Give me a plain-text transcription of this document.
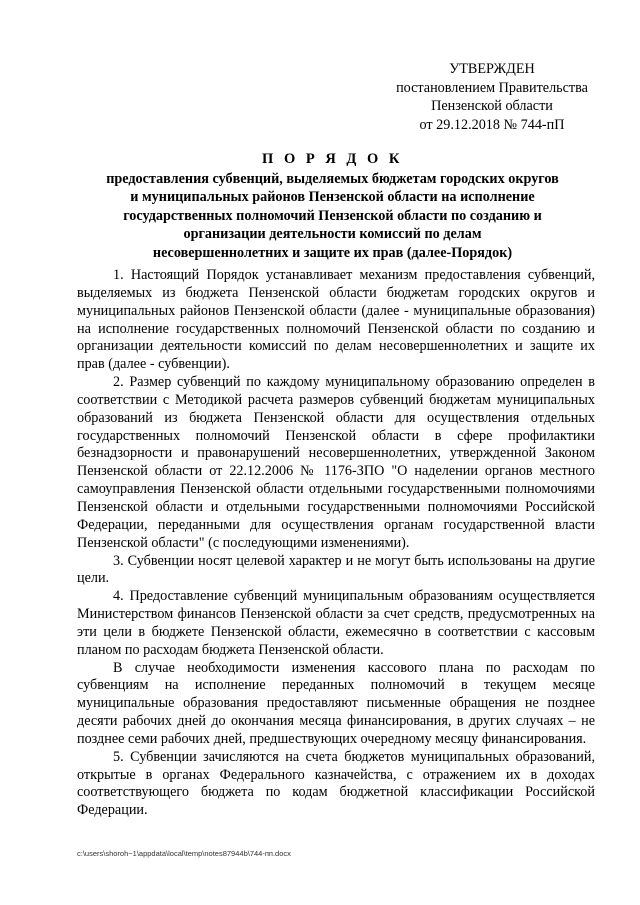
УТВЕРЖДЕН
постановлением Правительства
Пензенской области
от 29.12.2018 № 744-пП
П О Р Я Д О К
предоставления субвенций, выделяемых бюджетам городских округов
и муниципальных районов Пензенской области на исполнение
государственных полномочий Пензенской области по созданию и
организации деятельности комиссий по делам
несовершеннолетних и защите их прав (далее-Порядок)

1. Настоящий Порядок устанавливает механизм предоставления субвенций, выделяемых из бюджета Пензенской области бюджетам городских округов и муниципальных районов Пензенской области (далее - муниципальные образования) на исполнение государственных полномочий Пензенской области по созданию и организации деятельности комиссий по делам несовершеннолетних и защите их прав (далее - субвенции).

2. Размер субвенций по каждому муниципальному образованию определен в соответствии с Методикой расчета размеров субвенций бюджетам муниципальных образований из бюджета Пензенской области для осуществления отдельных государственных полномочий Пензенской области в сфере профилактики безнадзорности и правонарушений несовершеннолетних, утвержденной Законом Пензенской области от 22.12.2006 № 1176-ЗПО "О наделении органов местного самоуправления Пензенской области отдельными государственными полномочиями Пензенской области и отдельными государственными полномочиями Российской Федерации, переданными для осуществления органам государственной власти Пензенской области" (с последующими изменениями).

3. Субвенции носят целевой характер и не могут быть использованы на другие цели.

4. Предоставление субвенций муниципальным образованиям осуществляется Министерством финансов Пензенской области за счет средств, предусмотренных на эти цели в бюджете Пензенской области, ежемесячно в соответствии с кассовым планом по расходам бюджета Пензенской области.

В случае необходимости изменения кассового плана по расходам по субвенциям на исполнение переданных полномочий в текущем месяце муниципальные образования предоставляют письменные обращения не позднее десяти рабочих дней до окончания месяца финансирования, в других случаях – не позднее семи рабочих дней, предшествующих очередному месяцу финансирования.

5. Субвенции зачисляются на счета бюджетов муниципальных образований, открытые в органах Федерального казначейства, с отражением их в доходах соответствующего бюджета по кодам бюджетной классификации Российской Федерации.

c:\users\shoroh~1\appdata\local\temp\notes87944b\744-пп.docx
